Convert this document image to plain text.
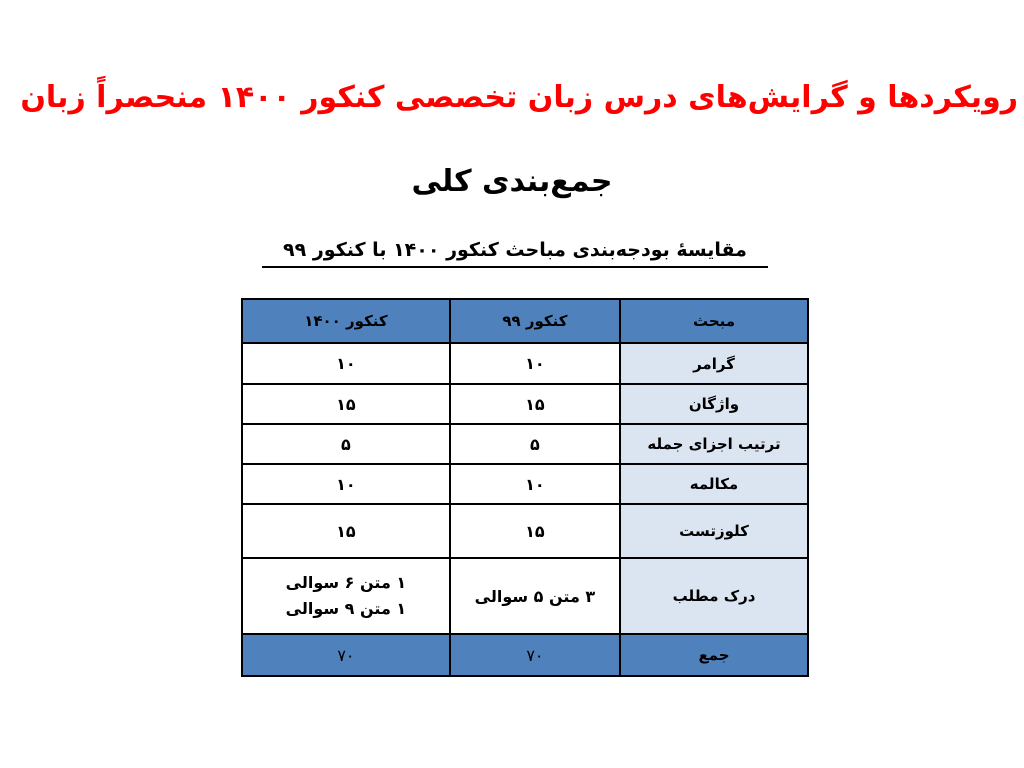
رویکردها و گرایش‌های درس زبان تخصصی کنکور ۱۴۰۰ منحصراً زبان
جمع‌بندی کلی
مقایسۀ بودجه‌بندی مباحث کنکور ۱۴۰۰ با کنکور ۹۹
مبحث	کنکور ۹۹	کنکور ۱۴۰۰
گرامر	۱۰	۱۰
واژگان	۱۵	۱۵
ترتیب اجزای جمله	۵	۵
مکالمه	۱۰	۱۰
کلوزتست	۱۵	۱۵
درک مطلب	۳ متن ۵ سوالی	۱ متن ۶ سوالی
۱ متن ۹ سوالی

جمع	۷۰	۷۰
